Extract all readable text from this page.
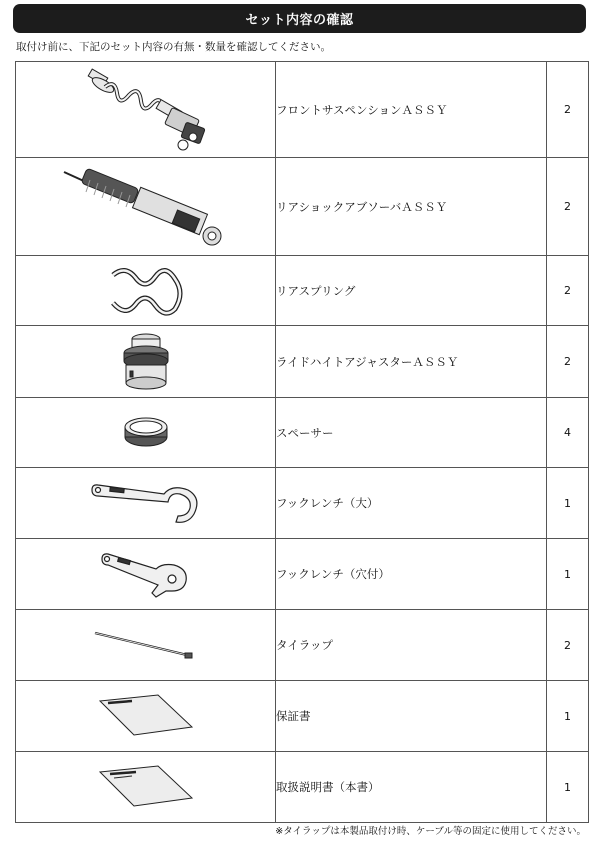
セット内容の確認
取付け前に、下記のセット内容の有無・数量を確認してください。
	フロントサスペンションＡＳＳＹ	2

	リアショックアブソーバＡＳＳＹ	2

	リアスプリング	2

	ライドハイトアジャスターＡＳＳＹ	2

	スペーサー	4

	フックレンチ（大）	1

	フックレンチ（穴付）	1

	タイラップ	2

	保証書	1

	取扱説明書（本書）	1
※タイラップは本製品取付け時、ケーブル等の固定に使用してください。
